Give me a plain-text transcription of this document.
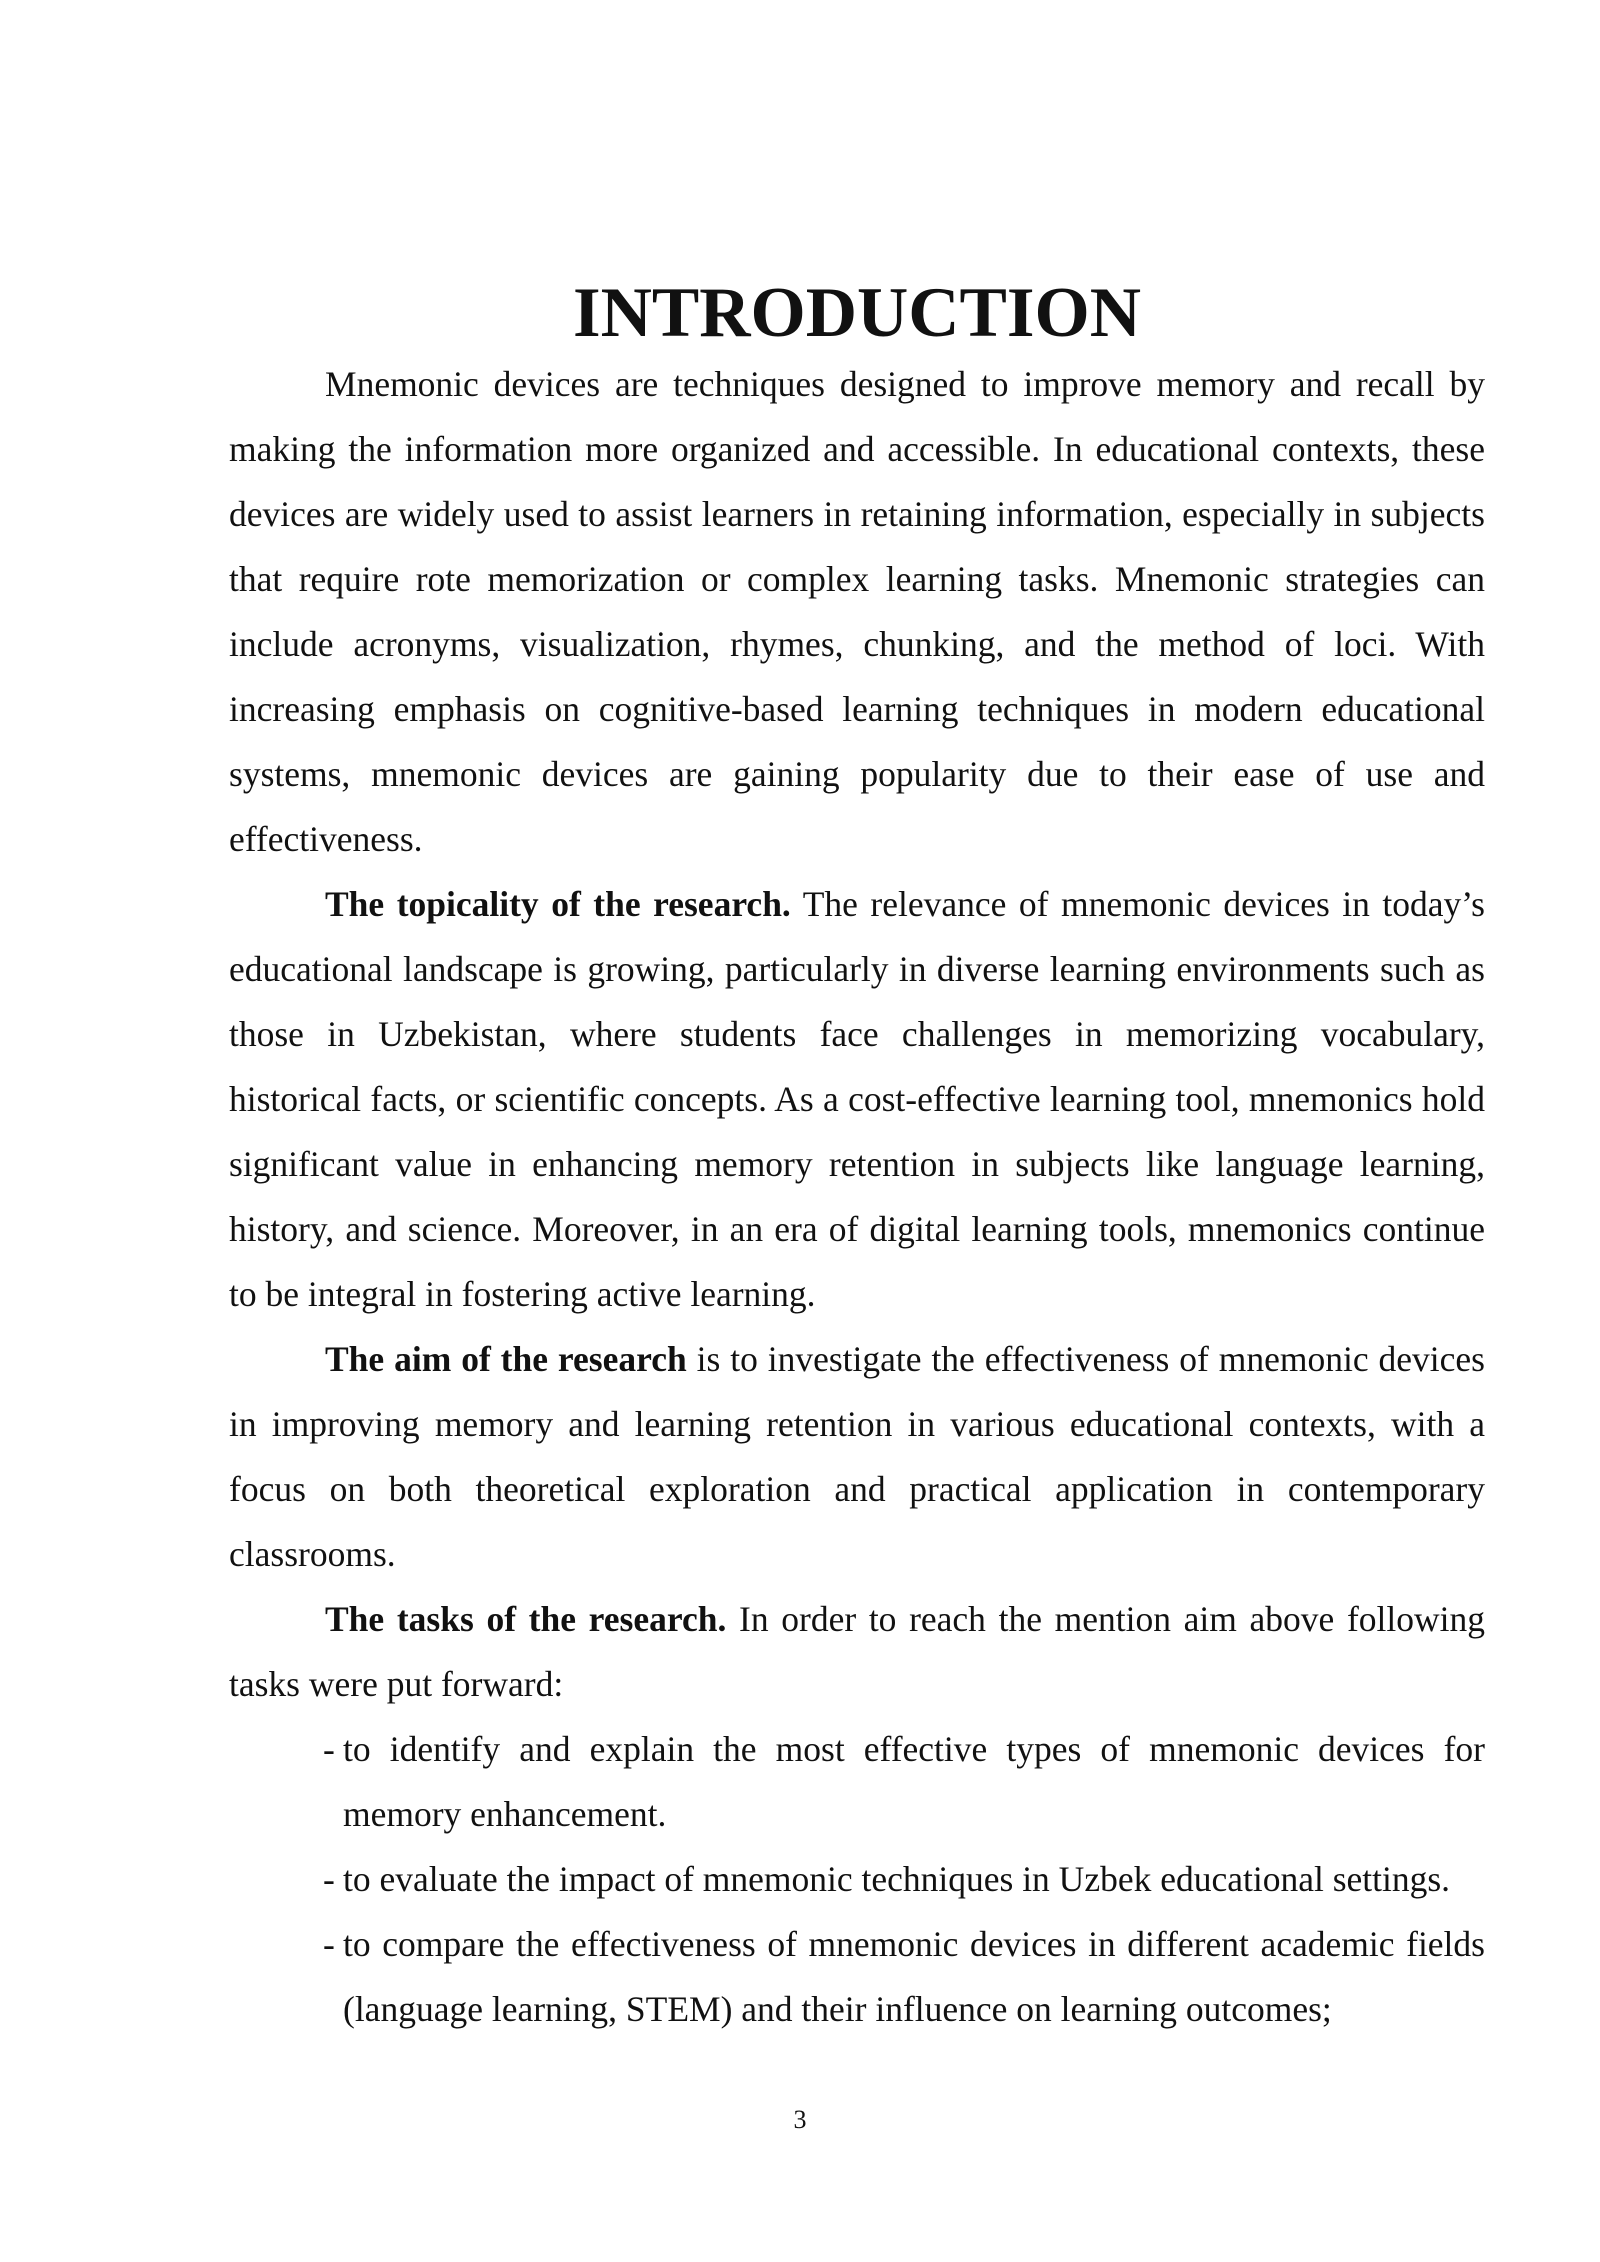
INTRODUCTION

Mnemonic devices are techniques designed to improve memory and recall by making the information more organized and accessible. In educational contexts, these devices are widely used to assist learners in retaining information, especially in subjects that require rote memorization or complex learning tasks. Mnemonic strategies can include acronyms, visualization, rhymes, chunking, and the method of loci. With increasing emphasis on cognitive-based learning techniques in modern educational systems, mnemonic devices are gaining popularity due to their ease of use and effectiveness.

The topicality of the research. The relevance of mnemonic devices in today’s educational landscape is growing, particularly in diverse learning environments such as those in Uzbekistan, where students face challenges in memorizing vocabulary, historical facts, or scientific concepts. As a cost-effective learning tool, mnemonics hold significant value in enhancing memory retention in subjects like language learning, history, and science. Moreover, in an era of digital learning tools, mnemonics continue to be integral in fostering active learning.

The aim of the research is to investigate the effectiveness of mnemonic devices in improving memory and learning retention in various educational contexts, with a focus on both theoretical exploration and practical application in contemporary classrooms.

The tasks of the research. In order to reach the mention aim above following tasks were put forward:

- to identify and explain the most effective types of mnemonic devices for memory enhancement.
- to evaluate the impact of mnemonic techniques in Uzbek educational settings.
- to compare the effectiveness of mnemonic devices in different academic fields (language learning, STEM) and their influence on learning outcomes;
3
